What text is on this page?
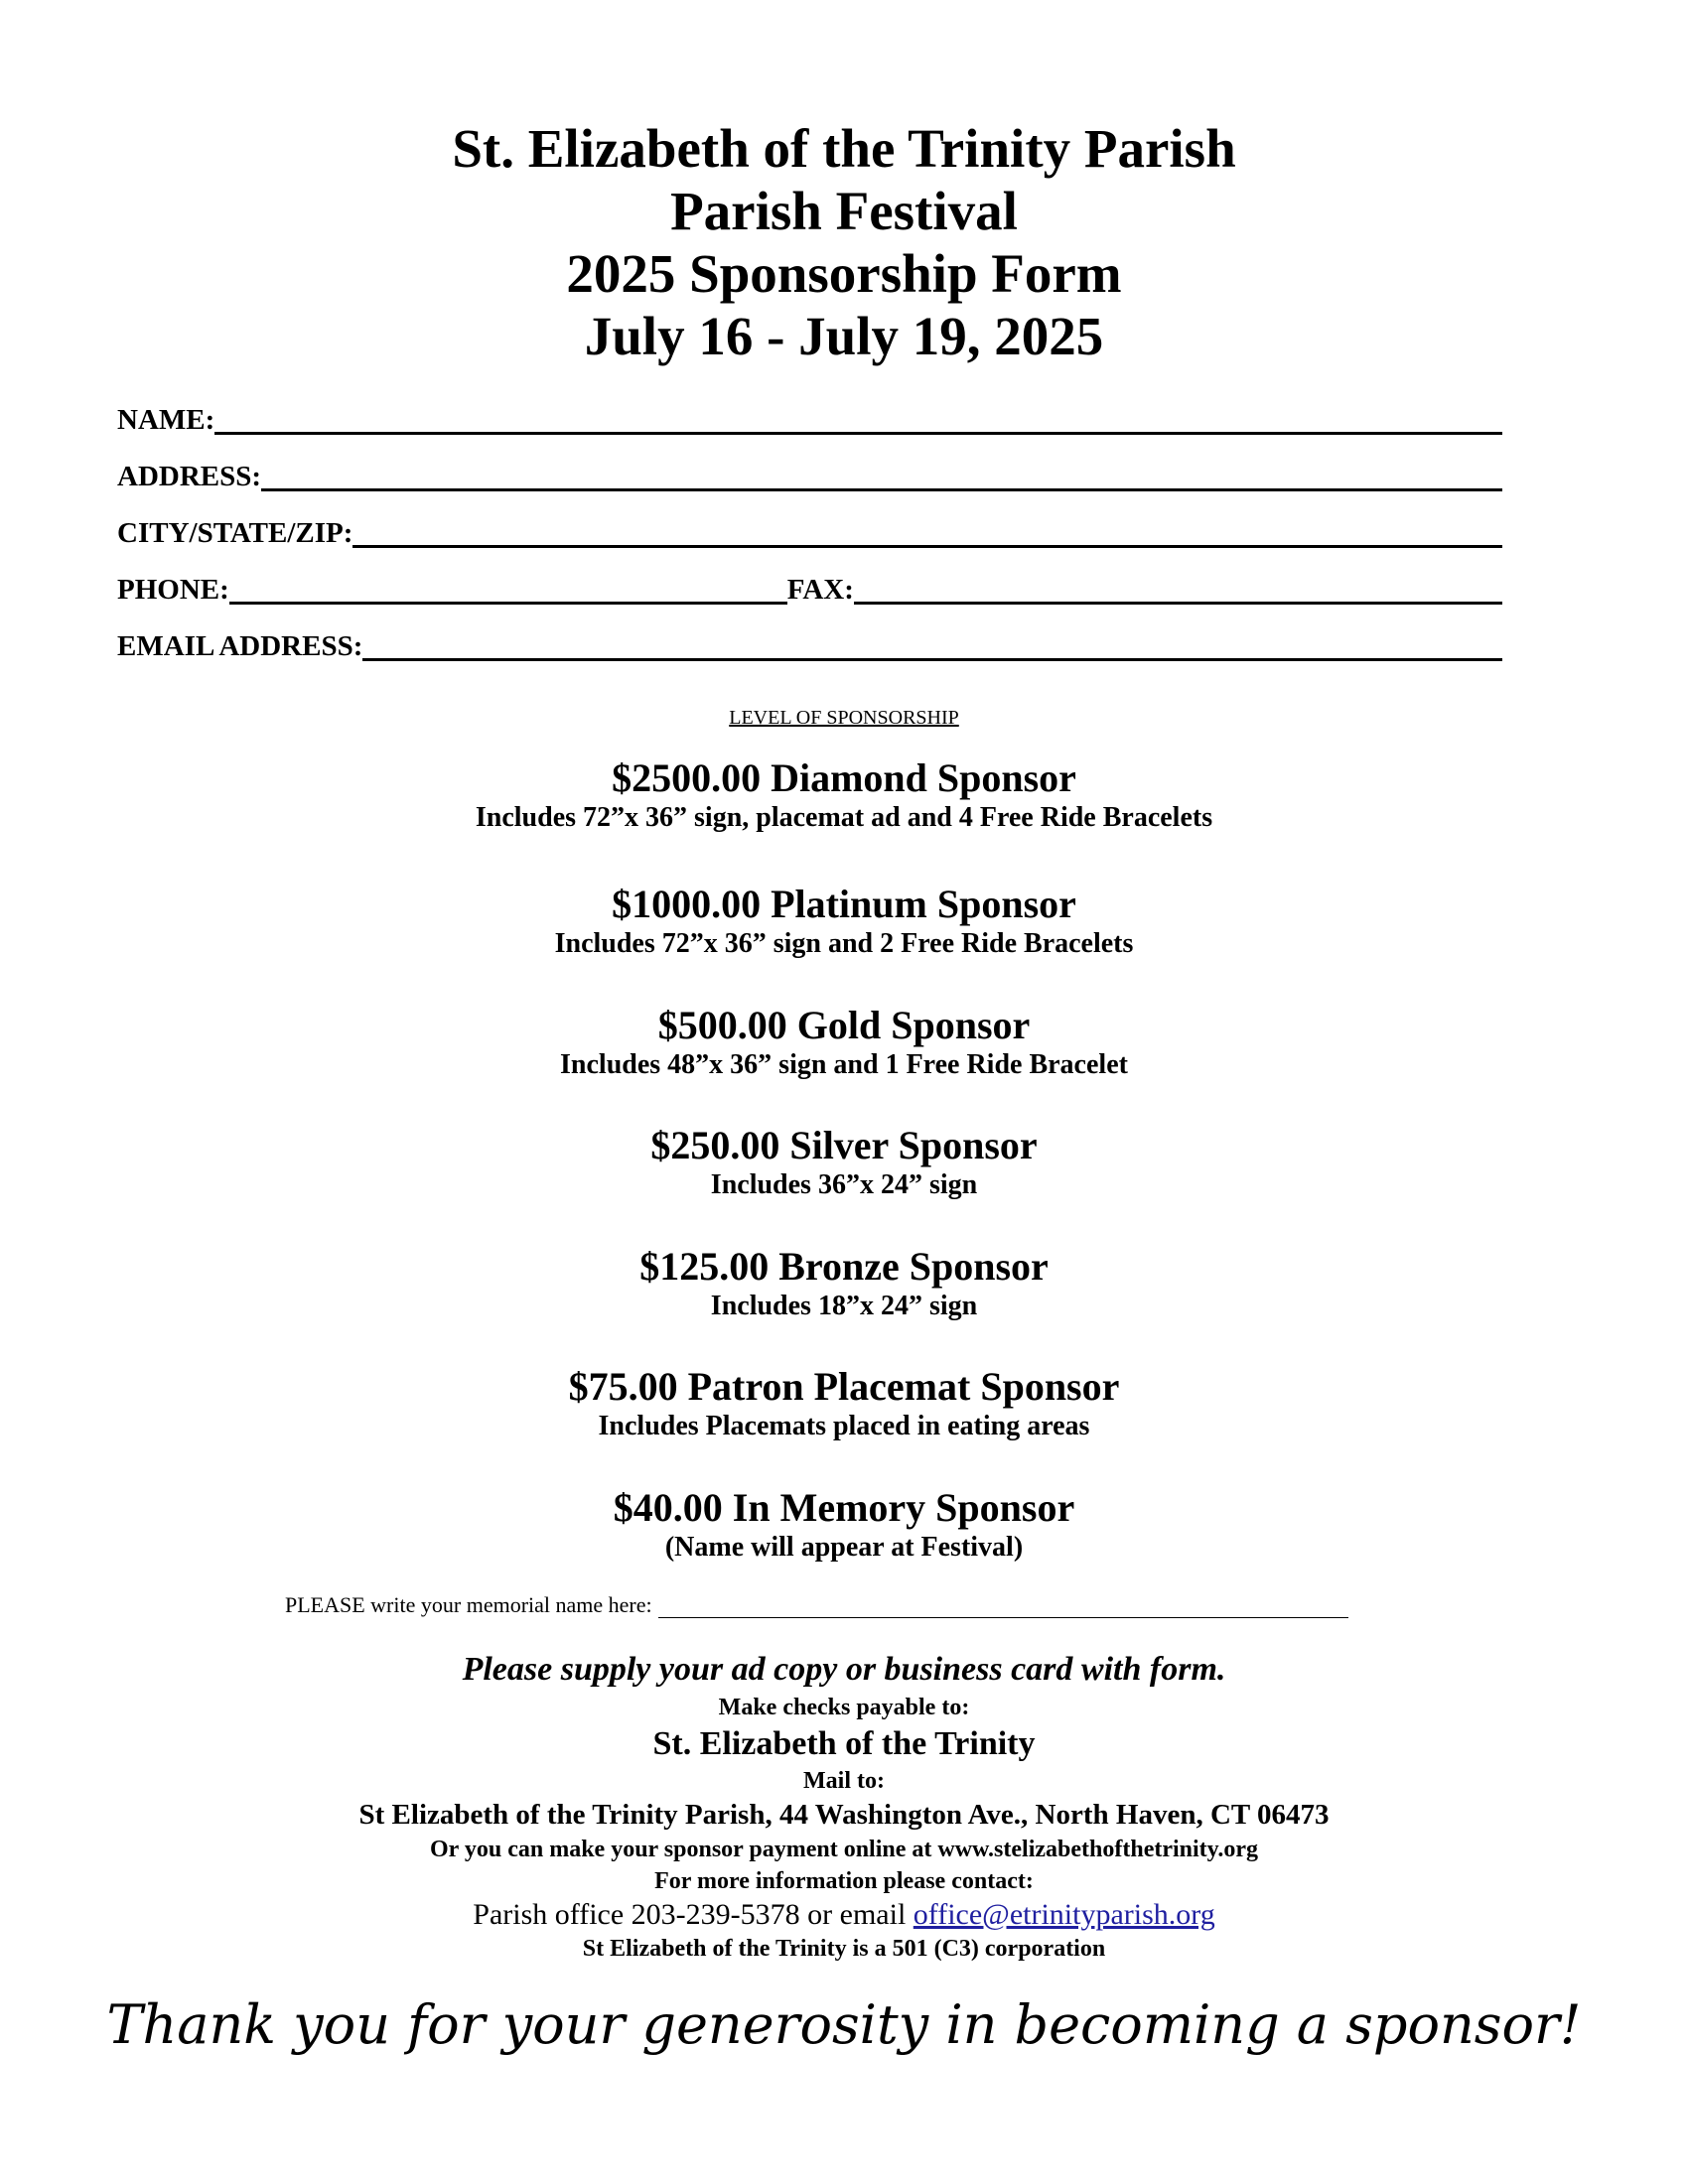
St. Elizabeth of the Trinity Parish
Parish Festival
2025 Sponsorship Form
July 16 - July 19, 2025
NAME:
ADDRESS:
CITY/STATE/ZIP:
PHONE:	FAX:
EMAIL ADDRESS:
LEVEL OF SPONSORSHIP
$2500.00 Diamond Sponsor
Includes 72”x 36” sign, placemat ad and 4 Free Ride Bracelets
$1000.00 Platinum Sponsor
Includes 72”x 36” sign and 2 Free Ride Bracelets
$500.00 Gold Sponsor
Includes 48”x 36” sign and 1 Free Ride Bracelet
$250.00 Silver Sponsor
Includes 36”x 24” sign
$125.00 Bronze Sponsor
Includes 18”x 24” sign
$75.00 Patron Placemat Sponsor
Includes Placemats placed in eating areas
$40.00 In Memory Sponsor
(Name will appear at Festival)
PLEASE write your memorial name here:
Please supply your ad copy or business card with form.
Make checks payable to:
St. Elizabeth of the Trinity
Mail to:
St Elizabeth of the Trinity Parish, 44 Washington Ave., North Haven, CT 06473
Or you can make your sponsor payment online at www.stelizabethofthetrinity.org
For more information please contact:
Parish office 203-239-5378 or email office@etrinityparish.org
St Elizabeth of the Trinity is a 501 (C3) corporation
Thank you for your generosity in becoming a sponsor!
